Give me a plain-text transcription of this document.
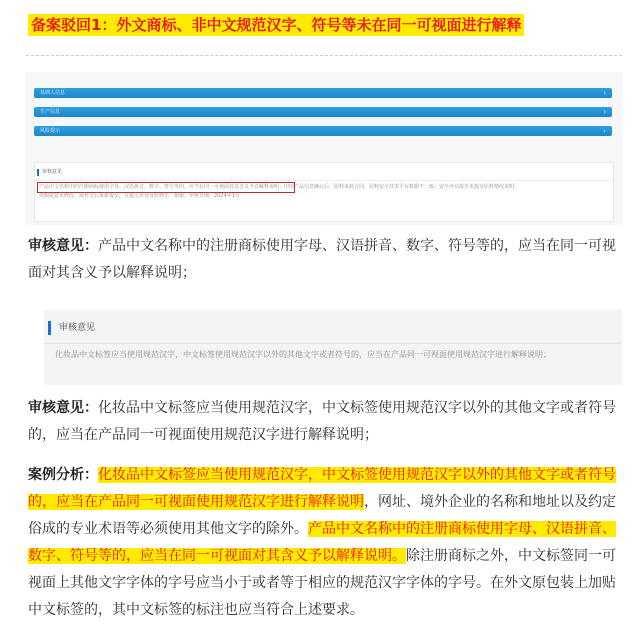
备案驳回1：外文商标、非中文规范汉字、符号等未在同一可视面进行解释
基础人信息	›
生产信息	›
风险提示	›
审核意见
产品中文名称中的注册商标使用字母、汉语拼音、数字、符号等的，应当在同一可视面对其含义予以解释说明；中国产品信息确认后，原料来源合同，原料安全技术平台数据不一致；安全评估报告未提交原料情况说明；
请根据意见修改，需补交后重新提交，并提示企业及时修正，谢谢。审核日期：2024年1月

审核意见：产品中文名称中的注册商标使用字母、汉语拼音、数字、符号等的，应当在同一可视面对其含义予以解释说明；

审核意见
化妆品中文标签应当使用规范汉字，中文标签使用规范汉字以外的其他文字或者符号的，应当在产品同一可视面使用规范汉字进行解释说明；

审核意见：化妆品中文标签应当使用规范汉字，中文标签使用规范汉字以外的其他文字或者符号的，应当在产品同一可视面使用规范汉字进行解释说明；

案例分析：化妆品中文标签应当使用规范汉字，中文标签使用规范汉字以外的其他文字或者符号的，应当在产品同一可视面使用规范汉字进行解释说明，网址、境外企业的名称和地址以及约定俗成的专业术语等必须使用其他文字的除外。产品中文名称中的注册商标使用字母、汉语拼音、数字、符号等的，应当在同一可视面对其含义予以解释说明。除注册商标之外，中文标签同一可视面上其他文字字体的字号应当小于或者等于相应的规范汉字字体的字号。在外文原包装上加贴中文标签的，其中文标签的标注也应当符合上述要求。
